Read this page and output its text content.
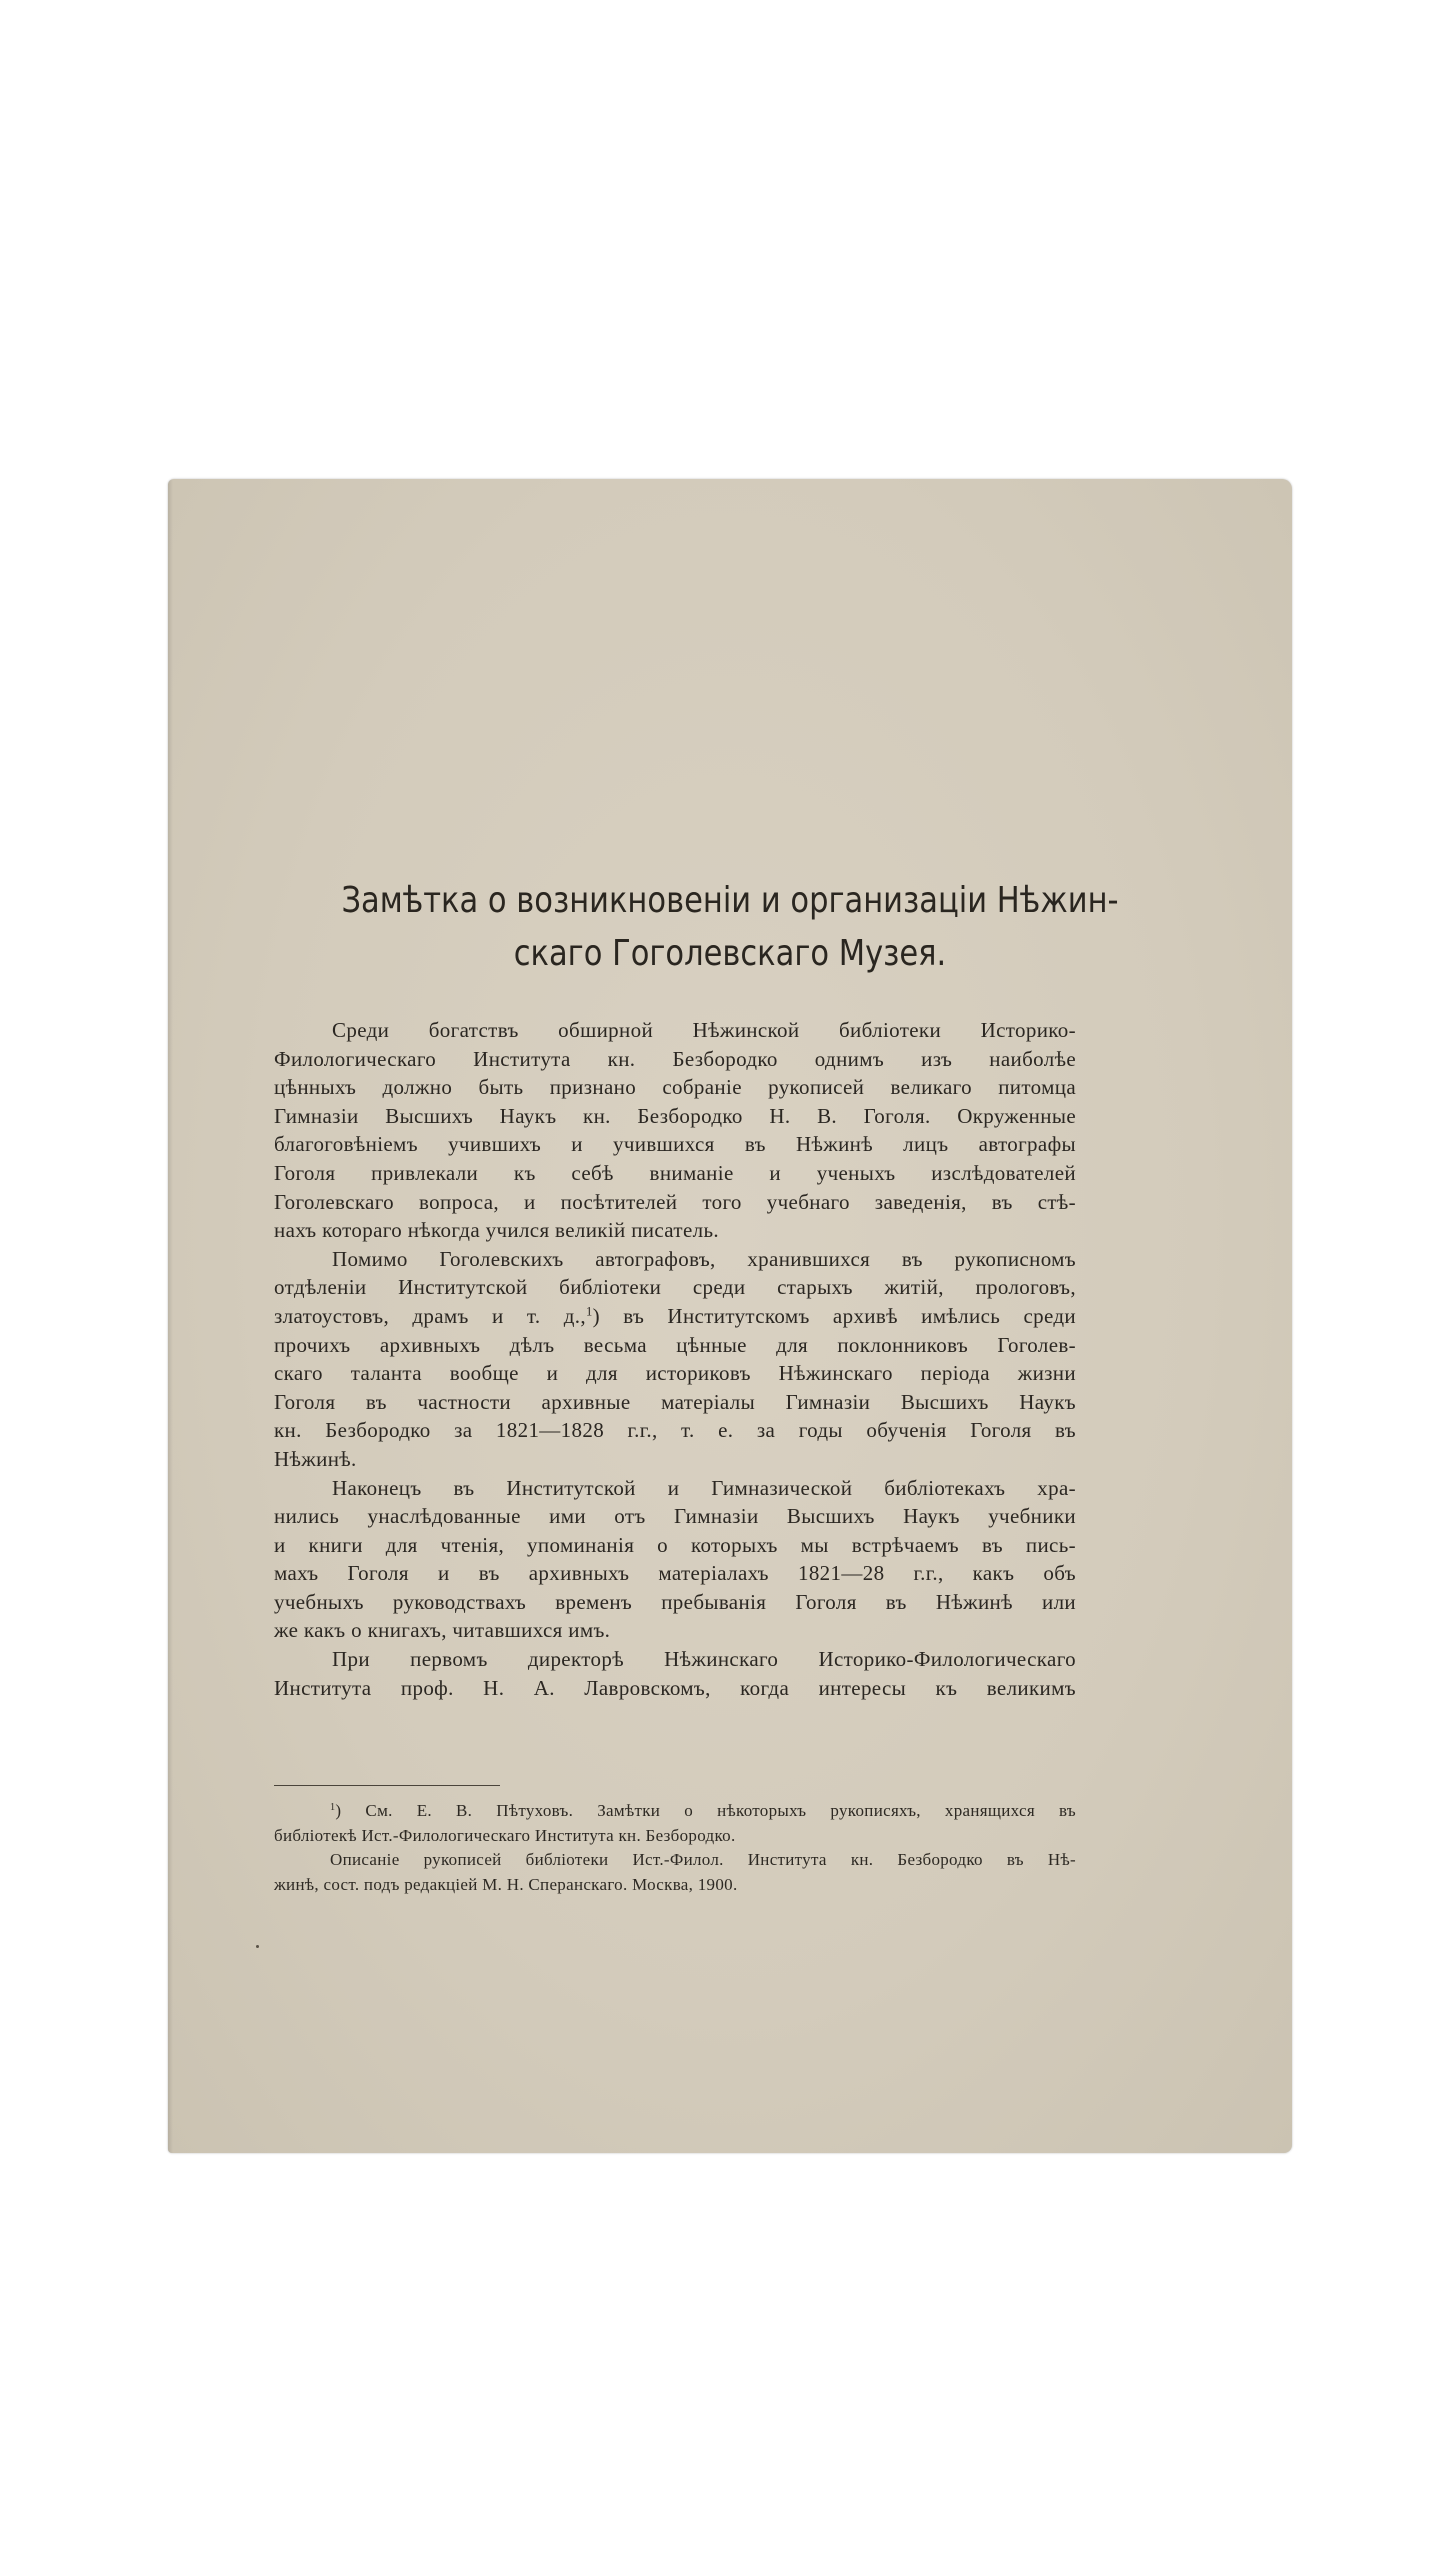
Замѣтка о возникновеніи и организаціи Нѣжин-
скаго Гоголевскаго Музея.

Среди богатствъ обширной Нѣжинской библіотеки Историко-
Филологическаго Института кн. Безбородко однимъ изъ наиболѣе
цѣнныхъ должно быть признано собраніе рукописей великаго питомца
Гимназіи Высшихъ Наукъ кн. Безбородко Н. В. Гоголя. Окруженные
благоговѣніемъ учившихъ и учившихся въ Нѣжинѣ лицъ автографы
Гоголя привлекали къ себѣ вниманіе и ученыхъ изслѣдователей
Гоголевскаго вопроса, и посѣтителей того учебнаго заведенія, въ стѣ-
нахъ котораго нѣкогда учился великій писатель.

Помимо Гоголевскихъ автографовъ, хранившихся въ рукописномъ
отдѣленіи Институтской библіотеки среди старыхъ житій, прологовъ,
златоустовъ, драмъ и т. д.,$^1$) въ Институтскомъ архивѣ имѣлись среди
прочихъ архивныхъ дѣлъ весьма цѣнные для поклонниковъ Гоголев-
скаго таланта вообще и для историковъ Нѣжинскаго періода жизни
Гоголя въ частности архивные матеріалы Гимназіи Высшихъ Наукъ
кн. Безбородко за 1821—1828 г.г., т. е. за годы обученія Гоголя въ
Нѣжинѣ.

Наконецъ въ Институтской и Гимназической библіотекахъ хра-
нились унаслѣдованные ими отъ Гимназіи Высшихъ Наукъ учебники
и книги для чтенія, упоминанія о которыхъ мы встрѣчаемъ въ пись-
махъ Гоголя и въ архивныхъ матеріалахъ 1821—28 г.г., какъ объ
учебныхъ руководствахъ временъ пребыванія Гоголя въ Нѣжинѣ или
же какъ о книгахъ, читавшихся имъ.

При первомъ директорѣ Нѣжинскаго Историко-Филологическаго
Института проф. Н. А. Лавровскомъ, когда интересы къ великимъ

$^1$) См. Е. В. Пѣтуховъ. Замѣтки о нѣкоторыхъ рукописяхъ, хранящихся въ
библіотекѣ Ист.-Филологическаго Института кн. Безбородко.
Описаніе рукописей библіотеки Ист.-Филол. Института кн. Безбородко въ Нѣ-
жинѣ, сост. подъ редакціей М. Н. Сперанскаго. Москва, 1900.
